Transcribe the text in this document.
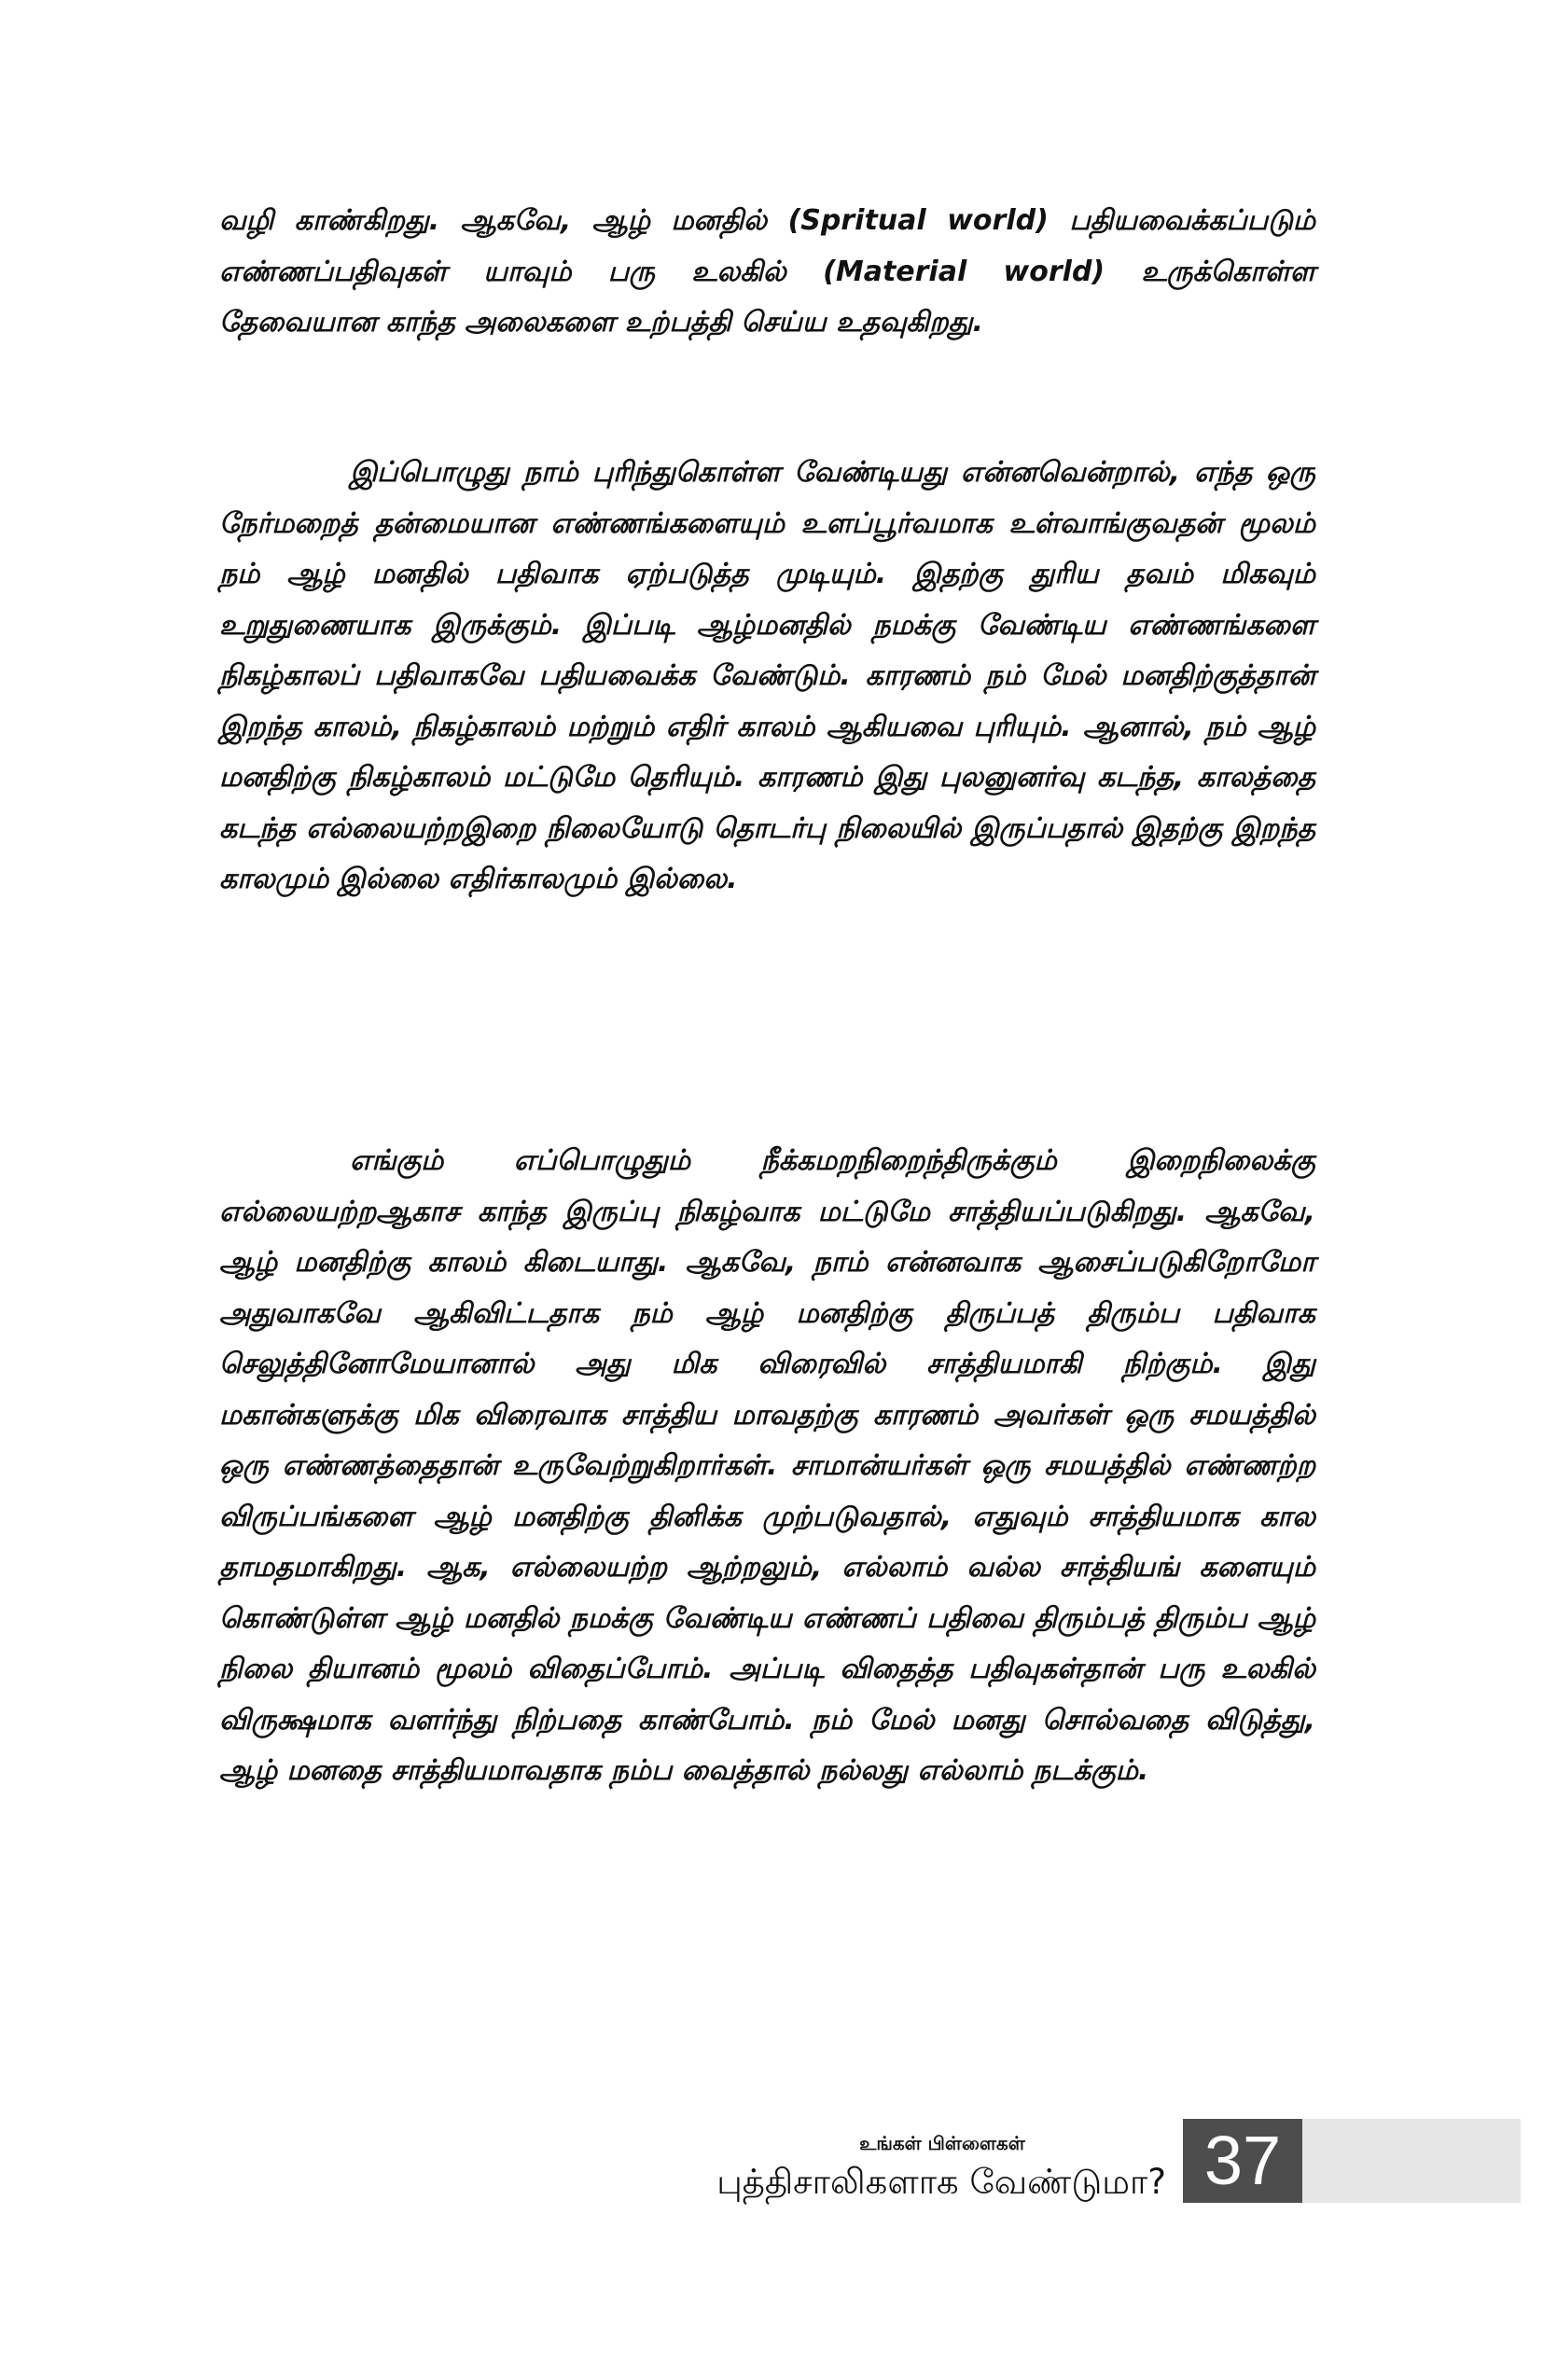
வழி காண்கிறது. ஆகவே, ஆழ் மனதில் (Spritual world) பதியவைக்கப்படும் எண்ணப்பதிவுகள் யாவும் பரு உலகில் (Material world) உருக்கொள்ள தேவையான காந்த அலைகளை உற்பத்தி செய்ய உதவுகிறது.

இப்பொழுது நாம் புரிந்துகொள்ள வேண்டியது என்னவென்றால், எந்த ஒரு நேர்மறைத் தன்மையான எண்ணங்களையும் உளப்பூர்வமாக உள்வாங்குவதன் மூலம் நம் ஆழ் மனதில் பதிவாக ஏற்படுத்த முடியும். இதற்கு துரிய தவம் மிகவும் உறுதுணையாக இருக்கும். இப்படி ஆழ்மனதில் நமக்கு வேண்டிய எண்ணங்களை நிகழ்காலப் பதிவாகவே பதியவைக்க வேண்டும். காரணம் நம் மேல் மனதிற்குத்தான் இறந்த காலம், நிகழ்காலம் மற்றும் எதிர் காலம் ஆகியவை புரியும். ஆனால், நம் ஆழ் மனதிற்கு நிகழ்காலம் மட்டுமே தெரியும். காரணம் இது புலனுனர்வு கடந்த, காலத்தை கடந்த எல்லையற்றஇறை நிலையோடு தொடர்பு நிலையில் இருப்பதால் இதற்கு இறந்த காலமும் இல்லை எதிர்காலமும் இல்லை.

எங்கும் எப்பொழுதும் நீக்கமறநிறைந்திருக்கும் இறைநிலைக்கு எல்லையற்றஆகாச காந்த இருப்பு நிகழ்வாக மட்டுமே சாத்தியப்படுகிறது. ஆகவே, ஆழ் மனதிற்கு காலம் கிடையாது. ஆகவே, நாம் என்னவாக ஆசைப்படுகிறோமோ அதுவாகவே ஆகிவிட்டதாக நம் ஆழ் மனதிற்கு திருப்பத் திரும்ப பதிவாக செலுத்தினோமேயானால் அது மிக விரைவில் சாத்தியமாகி நிற்கும். இது மகான்களுக்கு மிக விரைவாக சாத்திய மாவதற்கு காரணம் அவர்கள் ஒரு சமயத்தில் ஒரு எண்ணத்தைதான் உருவேற்றுகிறார்கள். சாமான்யர்கள் ஒரு சமயத்தில் எண்ணற்ற விருப்பங்களை ஆழ் மனதிற்கு தினிக்க முற்படுவதால், எதுவும் சாத்தியமாக கால தாமதமாகிறது. ஆக, எல்லையற்ற ஆற்றலும், எல்லாம் வல்ல சாத்தியங் களையும் கொண்டுள்ள ஆழ் மனதில் நமக்கு வேண்டிய எண்ணப் பதிவை திரும்பத் திரும்ப ஆழ் நிலை தியானம் மூலம் விதைப்போம். அப்படி விதைத்த பதிவுகள்தான் பரு உலகில் விருக்ஷமாக வளர்ந்து நிற்பதை காண்போம். நம் மேல் மனது சொல்வதை விடுத்து, ஆழ் மனதை சாத்தியமாவதாக நம்ப வைத்தால் நல்லது எல்லாம் நடக்கும்.

உங்கள் பிள்ளைகள்
புத்திசாலிகளாக வேண்டுமா? 37
